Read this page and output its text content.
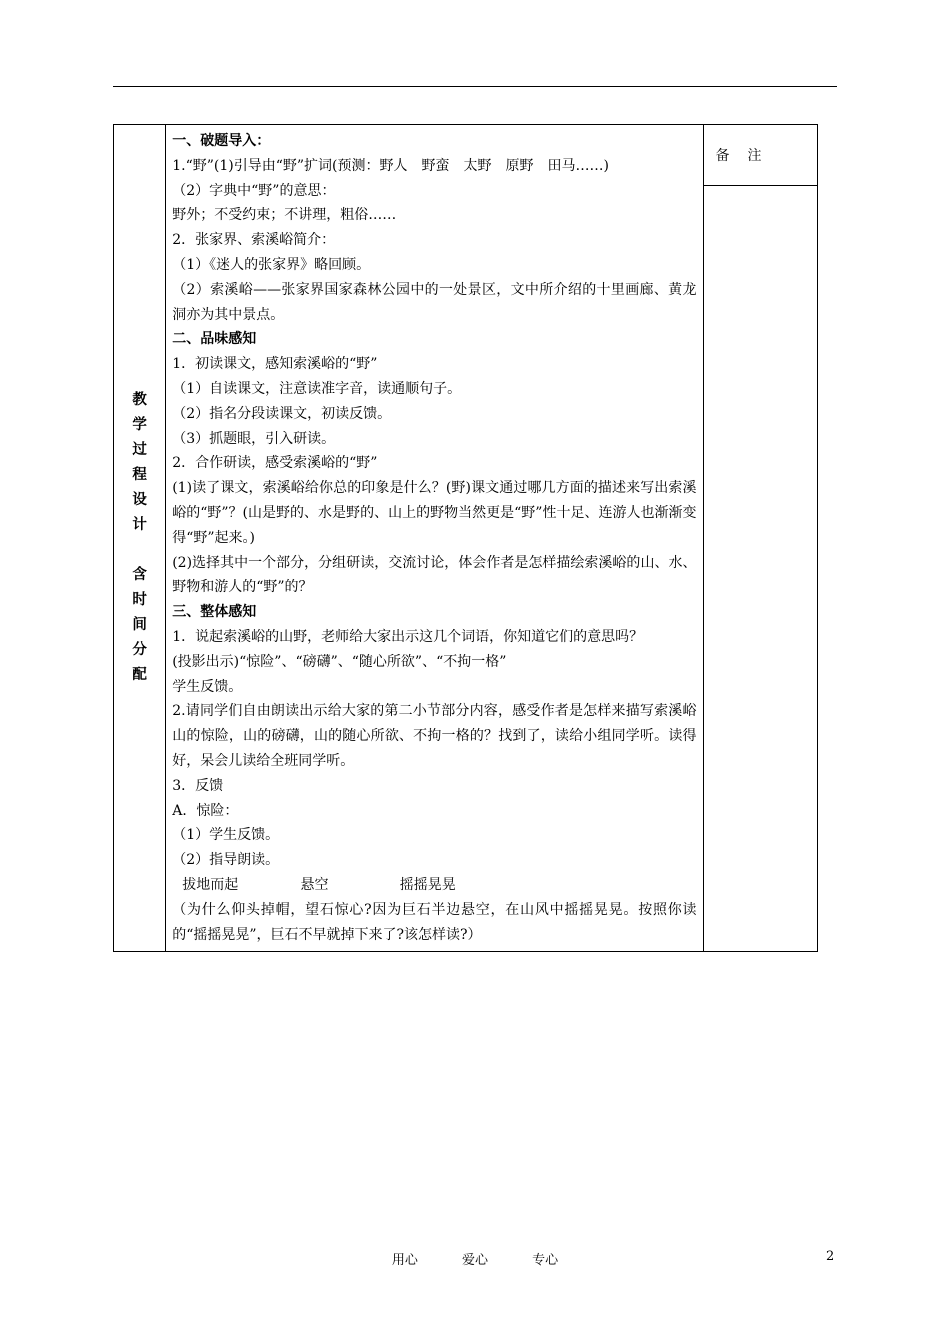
教学过程设计
含时间分配

一、破题导入：

1.“野”(1)引导由“野”扩词(预测：野人　野蛮　太野　原野　田马……)

（2）字典中“野”的意思：

野外；不受约束；不讲理，粗俗……

2．张家界、索溪峪简介：

（1）《迷人的张家界》略回顾。

（2）索溪峪——张家界国家森林公园中的一处景区，文中所介绍的十里画廊、黄龙洞亦为其中景点。

二、品味感知

1．初读课文，感知索溪峪的“野”

（1）自读课文，注意读准字音，读通顺句子。

（2）指名分段读课文，初读反馈。

（3）抓题眼，引入研读。

2．合作研读，感受索溪峪的“野”

(1)读了课文，索溪峪给你总的印象是什么？(野)课文通过哪几方面的描述来写出索溪峪的“野”？(山是野的、水是野的、山上的野物当然更是“野”性十足、连游人也渐渐变得“野”起来。)

(2)选择其中一个部分，分组研读，交流讨论，体会作者是怎样描绘索溪峪的山、水、野物和游人的“野”的？

三、整体感知

1．说起索溪峪的山野，老师给大家出示这几个词语，你知道它们的意思吗？

(投影出示)“惊险”、“磅礴”、“随心所欲”、“不拘一格”

学生反馈。

2.请同学们自由朗读出示给大家的第二小节部分内容，感受作者是怎样来描写索溪峪山的惊险，山的磅礴，山的随心所欲、不拘一格的？找到了，读给小组同学听。读得好，呆会儿读给全班同学听。

3．反馈

A．惊险：

（1）学生反馈。

（2）指导朗读。

拔地而起              悬空                摇摇晃晃

（为什么仰头掉帽，望石惊心?因为巨石半边悬空，在山风中摇摇晃晃。按照你读的“摇摇晃晃”，巨石不早就掉下来了?该怎样读?）

	备注

用心	爱心	专心	2
